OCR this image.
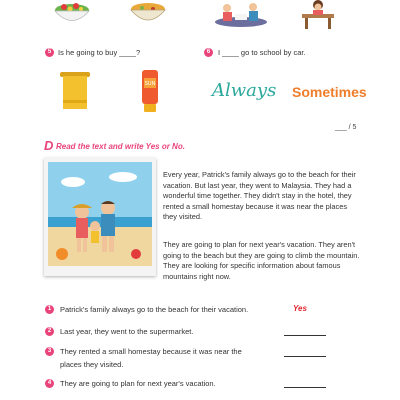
5 Is he going to buy ____?	6	I ____ go to school by car.
SUN	Always Sometimes
___ / 5
D Read the text and write Yes or No.
Every year, Patrick's family always go to the beach for their vacation. But last year, they went to Malaysia. They had a wonderful time together. They didn't stay in the hotel, they rented a small homestay because it was near the places they visited.
They are going to plan for next year's vacation. They aren't going to the beach but they are going to climb the mountain. They are looking for specific information about famous mountains right now.
1	Patrick's family always go to the beach for their vacation.	Yes
2	Last year, they went to the supermarket.
3	They rented a small homestay because it was near the
places they visited.
4	They are going to plan for next year's vacation.
